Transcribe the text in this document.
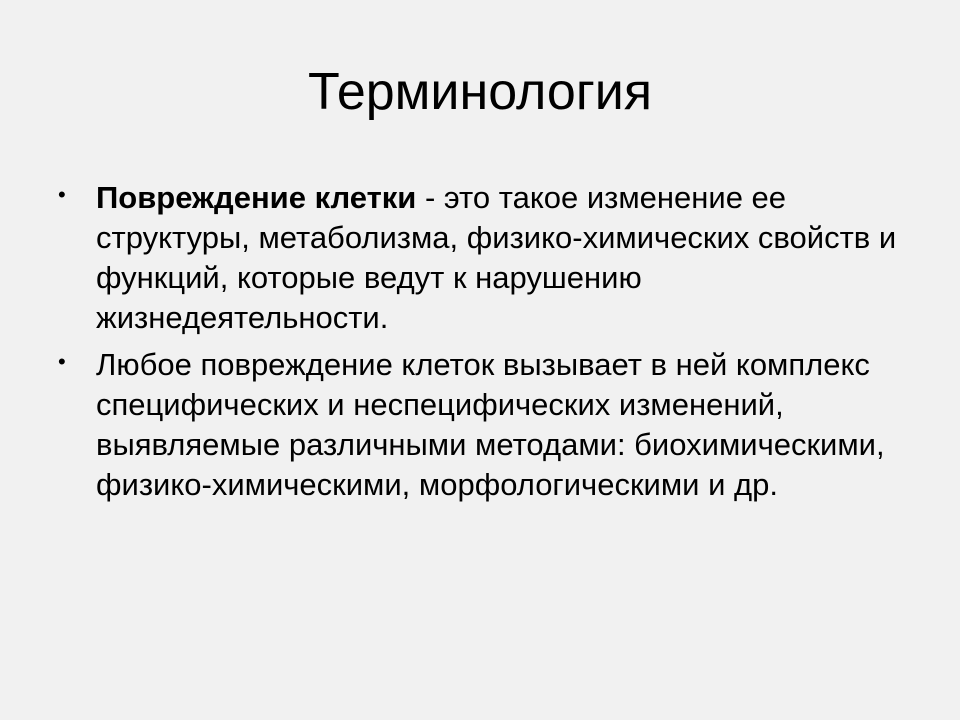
Терминология
• Повреждение клетки - это такое изменение ее структуры, метаболизма, физико-химических свойств и функций, которые ведут к нарушению жизнедеятельности.
• Любое повреждение клеток вызывает в ней комплекс специфических и неспецифических изменений, выявляемые различными методами: биохимическими, физико-химическими, морфологическими и др.
